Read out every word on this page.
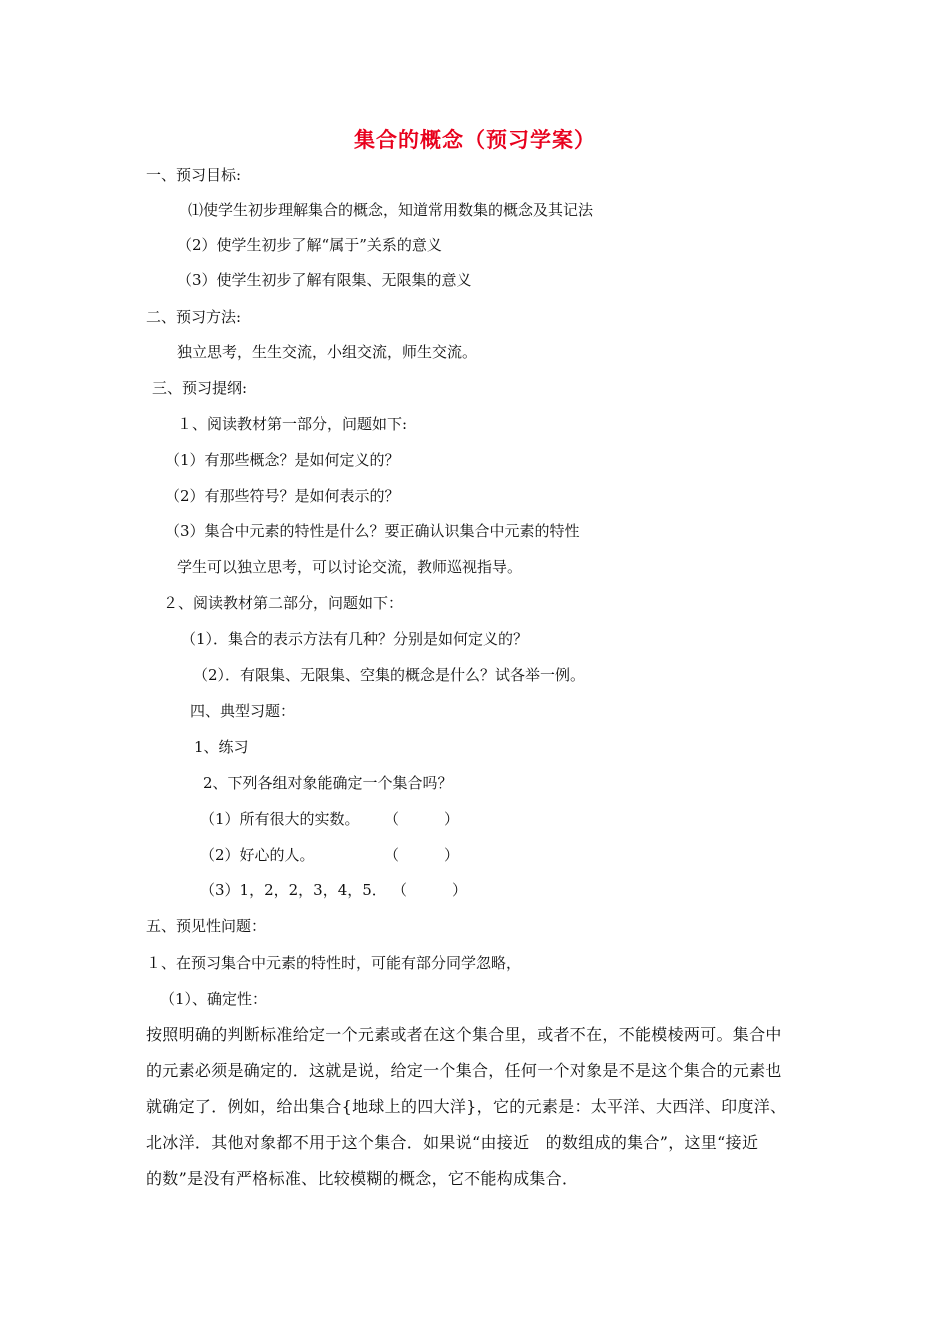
集合的概念（预习学案）
一、预习目标:
⑴使学生初步理解集合的概念，知道常用数集的概念及其记法
（2）使学生初步了解“属于”关系的意义
（3）使学生初步了解有限集、无限集的意义
二、预习方法:
独立思考，生生交流，小组交流，师生交流。
三、预习提纲:
１、阅读教材第一部分，问题如下:
（1）有那些概念？是如何定义的？
（2）有那些符号？是如何表示的？
（3）集合中元素的特性是什么？要正确认识集合中元素的特性
学生可以独立思考，可以讨论交流，教师巡视指导。
２、阅读教材第二部分，问题如下：
（1）．集合的表示方法有几种？分别是如何定义的？
（2）．有限集、无限集、空集的概念是什么？试各举一例。
四、典型习题：
1、练习
2、下列各组对象能确定一个集合吗？
（1）所有很大的实数。 （　　　）
（2）好心的人。	（　　　）
（3）1，2，2，3，4，5． （　　　）
五、预见性问题：
１、在预习集合中元素的特性时，可能有部分同学忽略，
（1）、确定性：
按照明确的判断标准给定一个元素或者在这个集合里，或者不在，不能模棱两可。集合中
的元素必须是确定的．这就是说，给定一个集合，任何一个对象是不是这个集合的元素也
就确定了．例如，给出集合{地球上的四大洋}，它的元素是：太平洋、大西洋、印度洋、
北冰洋．其他对象都不用于这个集合．如果说“由接近　的数组成的集合”，这里“接近
的数”是没有严格标准、比较模糊的概念，它不能构成集合．
